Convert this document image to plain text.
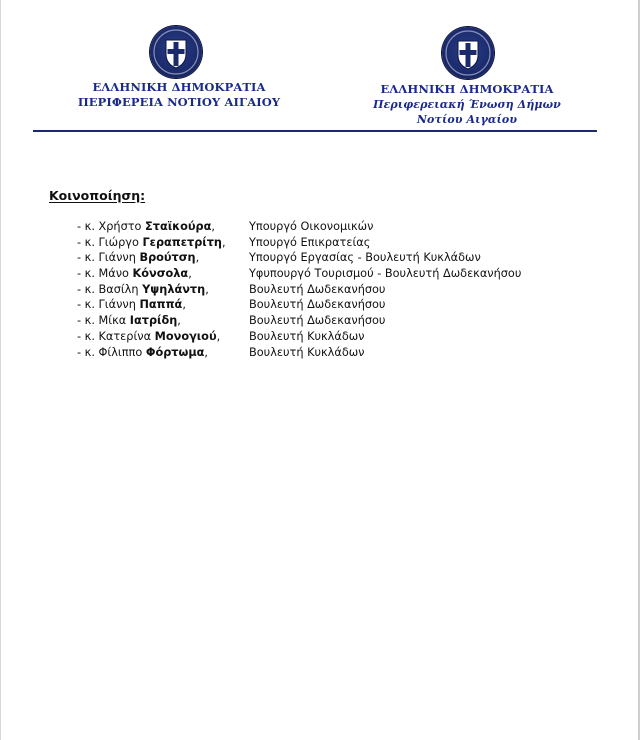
ΕΛΛΗΝΙΚΗ ΔΗΜΟΚΡΑΤΙΑ
ΠΕΡΙΦΕΡΕΙΑ ΝΟΤΙΟΥ ΑΙΓΑΙΟΥ
ΕΛΛΗΝΙΚΗ ΔΗΜΟΚΡΑΤΙΑ
Περιφερειακή Ένωση Δήμων
Νοτίου Αιγαίου
Κοινοποίηση:
- κ. Χρήστο Σταϊκούρα,	Υπουργό Οικονομικών
- κ. Γιώργο Γεραπετρίτη, Υπουργό Επικρατείας
- κ. Γιάννη Βρούτση,	Υπουργό Εργασίας - Βουλευτή Κυκλάδων
- κ. Μάνο Κόνσολα,	Υφυπουργό Τουρισμού - Βουλευτή Δωδεκανήσου
- κ. Βασίλη Υψηλάντη,	Βουλευτή Δωδεκανήσου
- κ. Γιάννη Παππά,	Βουλευτή Δωδεκανήσου
- κ. Μίκα Ιατρίδη,	Βουλευτή Δωδεκανήσου
- κ. Κατερίνα Μονογιού,	Βουλευτή Κυκλάδων
- κ. Φίλιππο Φόρτωμα,	Βουλευτή Κυκλάδων
